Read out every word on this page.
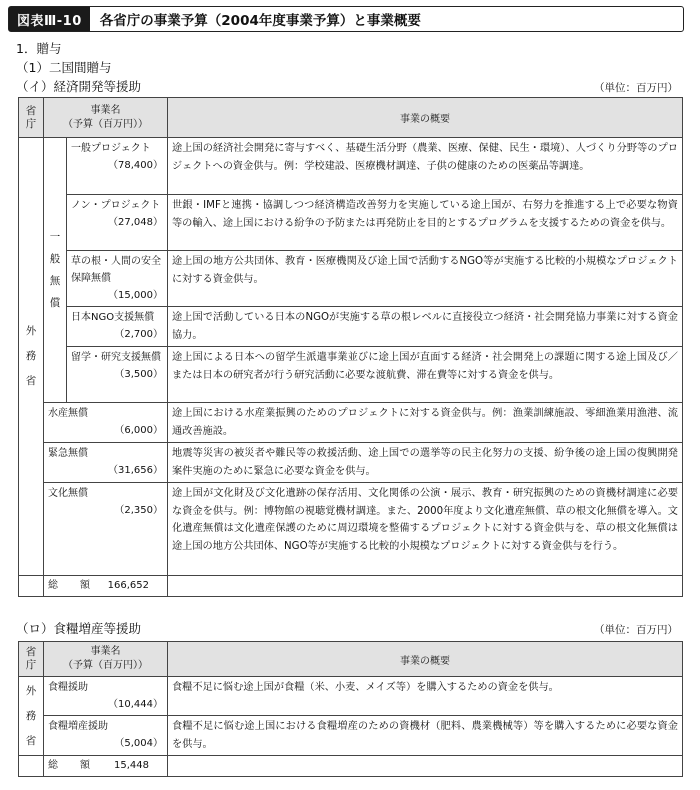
図表Ⅲ-10	各省庁の事業予算（2004年度事業予算）と事業概要
1．贈与
（1）二国間贈与
（イ）経済開発等援助	（単位：百万円）
省
庁	事業名
（予算（百万円））		事業の概要

外
務
省	一
般
無
償	一般プロジェクト
（78,400）	途上国の経済社会開発に寄与すべく、基礎生活分野（農業、医療、保健、民生・環境）、人づくり分野等のプロジェクトへの資金供与。例：学校建設、医療機材調達、子供の健康のための医薬品等調達。

		ノン・プロジェクト
（27,048）	世銀・IMFと連携・協調しつつ経済構造改善努力を実施している途上国が、右努力を推進する上で必要な物資等の輸入、途上国における紛争の予防または再発防止を目的とするプログラムを支援するための資金を供与。

		草の根・人間の安全保障無償
（15,000）	途上国の地方公共団体、教育・医療機関及び途上国で活動するNGO等が実施する比較的小規模なプロジェクトに対する資金供与。

		日本NGO支援無償
（2,700）	途上国で活動している日本のNGOが実施する草の根レベルに直接役立つ経済・社会開発協力事業に対する資金協力。

		留学・研究支援無償
（3,500）	途上国による日本への留学生派遣事業並びに途上国が直面する経済・社会開発上の課題に関する途上国及び／または日本の研究者が行う研究活動に必要な渡航費、滞在費等に対する資金を供与。

	水産無償
（6,000）		途上国における水産業振興のためのプロジェクトに対する資金供与。例：漁業訓練施設、零細漁業用漁港、流通改善施設。

	緊急無償
（31,656）		地震等災害の被災者や難民等の救援活動、途上国での選挙等の民主化努力の支援、紛争後の途上国の復興開発案件実施のために緊急に必要な資金を供与。

	文化無償
（2,350）		途上国が文化財及び文化遺跡の保存活用、文化関係の公演・展示、教育・研究振興のための資機材調達に必要な資金を供与。例：博物館の視聴覚機材調達。また、2000年度より文化遺産無償、草の根文化無償を導入。文化遺産無償は文化遺産保護のために周辺環境を整備するプロジェクトに対する資金供与を、草の根文化無償は途上国の地方公共団体、NGO等が実施する比較的小規模なプロジェクトに対する資金供与を行う。
	総　額 166,652		

（ロ）食糧増産等援助	（単位：百万円）
省
庁	事業名
（予算（百万円））	事業の概要

外
務
省	食糧援助
（10,444）	食糧不足に悩む途上国が食糧（米、小麦、メイズ等）を購入するための資金を供与。

	食糧増産援助
（5,004）	食糧不足に悩む途上国における食糧増産のための資機材（肥料、農業機械等）等を購入するために必要な資金を供与。
	総　額 15,448	
